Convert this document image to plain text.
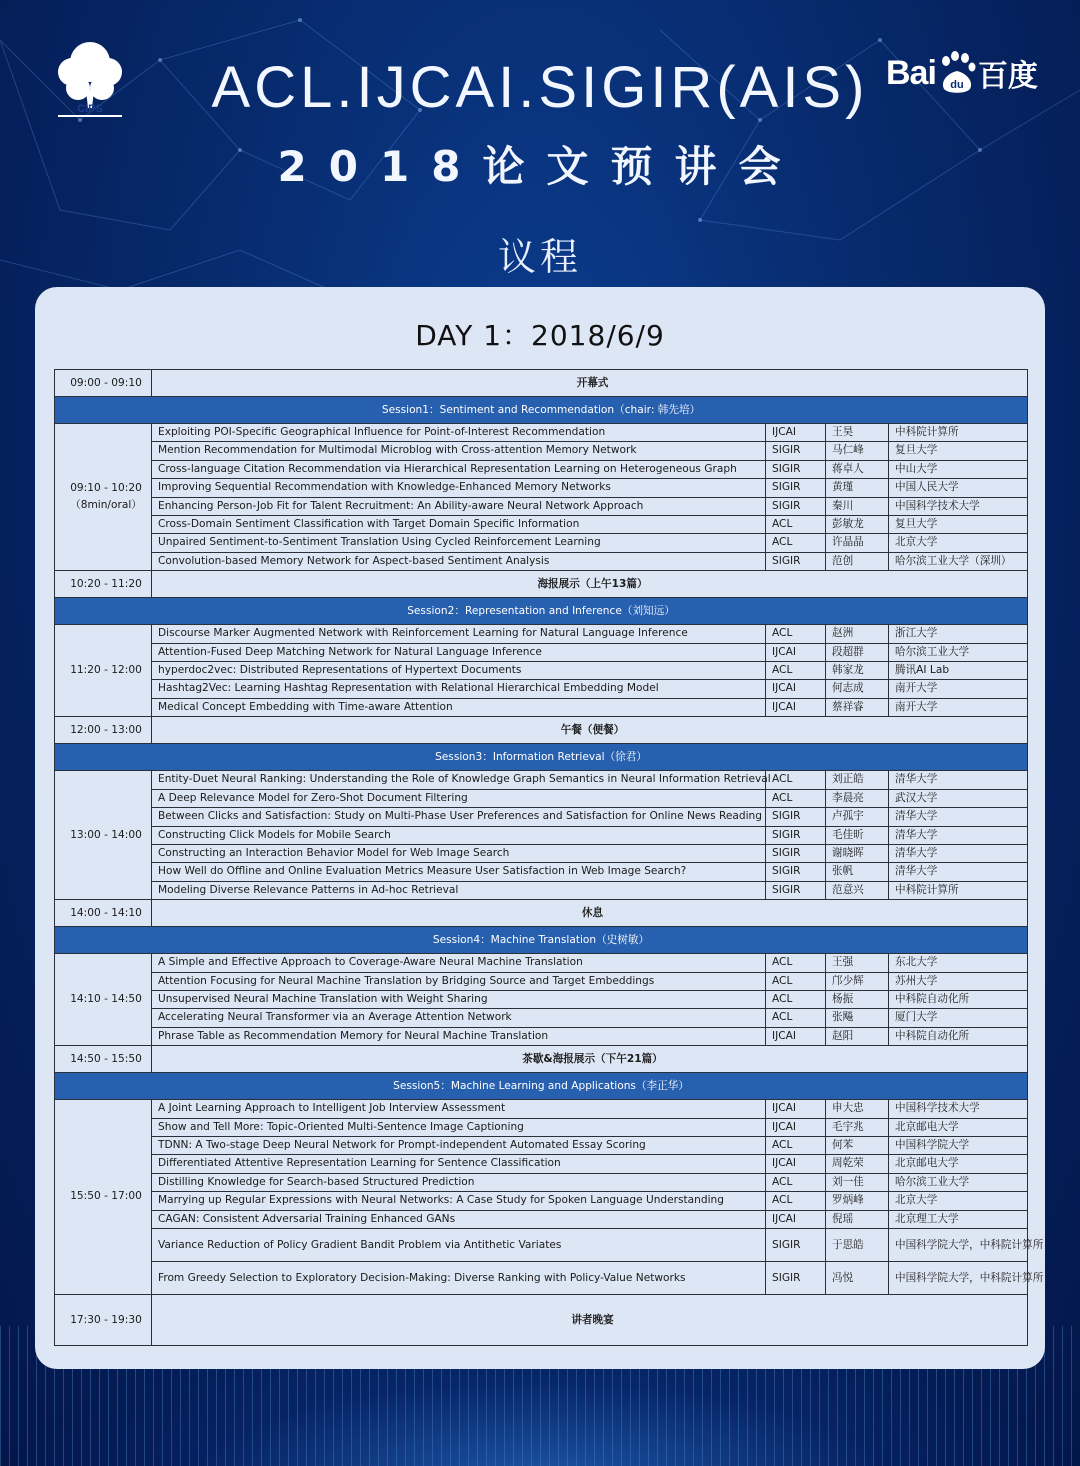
CIPS
Bai du 百度
ACL.IJCAI.SIGIR(AIS)
2018论文预讲会
议程
DAY 1：2018/6/9
09:00 - 09:10	开幕式			
Session1：Sentiment and Recommendation（chair: 韩先培）				

09:10 - 10:20
（8min/oral）	Exploiting POI-Specific Geographical Influence for Point-of-Interest Recommendation	IJCAI	王昊	中科院计算所
	Mention Recommendation for Multimodal Microblog with Cross-attention Memory Network	SIGIR	马仁峰	复旦大学
	Cross-language Citation Recommendation via Hierarchical Representation Learning on Heterogeneous Graph	SIGIR	蒋卓人	中山大学
	Improving Sequential Recommendation with Knowledge-Enhanced Memory Networks	SIGIR	黄瑾	中国人民大学
	Enhancing Person-Job Fit for Talent Recruitment: An Ability-aware Neural Network Approach	SIGIR	秦川	中国科学技术大学
	Cross-Domain Sentiment Classification with Target Domain Specific Information	ACL	彭敏龙	复旦大学
	Unpaired Sentiment-to-Sentiment Translation Using Cycled Reinforcement Learning	ACL	许晶晶	北京大学
	Convolution-based Memory Network for Aspect-based Sentiment Analysis	SIGIR	范创	哈尔滨工业大学（深圳）
10:20 - 11:20	海报展示（上午13篇）			
Session2：Representation and Inference（刘知远）				

11:20 - 12:00	Discourse Marker Augmented Network with Reinforcement Learning for Natural Language Inference	ACL	赵洲	浙江大学
	Attention-Fused Deep Matching Network for Natural Language Inference	IJCAI	段超群	哈尔滨工业大学
	hyperdoc2vec: Distributed Representations of Hypertext Documents	ACL	韩家龙	腾讯AI Lab
	Hashtag2Vec: Learning Hashtag Representation with Relational Hierarchical Embedding Model	IJCAI	何志成	南开大学
	Medical Concept Embedding with Time-aware Attention	IJCAI	蔡祥睿	南开大学
12:00 - 13:00	午餐（便餐）			
Session3：Information Retrieval（徐君）				

13:00 - 14:00	Entity-Duet Neural Ranking: Understanding the Role of Knowledge Graph Semantics in Neural Information Retrieval	ACL	刘正皓	清华大学
	A Deep Relevance Model for Zero-Shot Document Filtering	ACL	李晨亮	武汉大学
	Between Clicks and Satisfaction: Study on Multi-Phase User Preferences and Satisfaction for Online News Reading	SIGIR	卢孤宇	清华大学
	Constructing Click Models for Mobile Search	SIGIR	毛佳昕	清华大学
	Constructing an Interaction Behavior Model for Web Image Search	SIGIR	谢晓晖	清华大学
	How Well do Offline and Online Evaluation Metrics Measure User Satisfaction in Web Image Search?	SIGIR	张帆	清华大学
	Modeling Diverse Relevance Patterns in Ad-hoc Retrieval	SIGIR	范意兴	中科院计算所
14:00 - 14:10	休息			
Session4：Machine Translation（史树敏）				

14:10 - 14:50	A Simple and Effective Approach to Coverage-Aware Neural Machine Translation	ACL	王强	东北大学
	Attention Focusing for Neural Machine Translation by Bridging Source and Target Embeddings	ACL	邝少辉	苏州大学
	Unsupervised Neural Machine Translation with Weight Sharing	ACL	杨振	中科院自动化所
	Accelerating Neural Transformer via an Average Attention Network	ACL	张飚	厦门大学
	Phrase Table as Recommendation Memory for Neural Machine Translation	IJCAI	赵阳	中科院自动化所
14:50 - 15:50	茶歇&海报展示（下午21篇）			
Session5：Machine Learning and Applications（李正华）				

15:50 - 17:00	A Joint Learning Approach to Intelligent Job Interview Assessment	IJCAI	申大忠	中国科学技术大学
	Show and Tell More: Topic-Oriented Multi-Sentence Image Captioning	IJCAI	毛宇兆	北京邮电大学
	TDNN: A Two-stage Deep Neural Network for Prompt-independent Automated Essay Scoring	ACL	何苯	中国科学院大学
	Differentiated Attentive Representation Learning for Sentence Classification	IJCAI	周乾荣	北京邮电大学
	Distilling Knowledge for Search-based Structured Prediction	ACL	刘一佳	哈尔滨工业大学
	Marrying up Regular Expressions with Neural Networks: A Case Study for Spoken Language Understanding	ACL	罗炳峰	北京大学
	CAGAN: Consistent Adversarial Training Enhanced GANs	IJCAI	倪瑶	北京理工大学
	Variance Reduction of Policy Gradient Bandit Problem via Antithetic Variates	SIGIR	于思皓	中国科学院大学，中科院计算所
	From Greedy Selection to Exploratory Decision-Making: Diverse Ranking with Policy-Value Networks	SIGIR	冯悦	中国科学院大学，中科院计算所
17:30 - 19:30	讲者晚宴			
